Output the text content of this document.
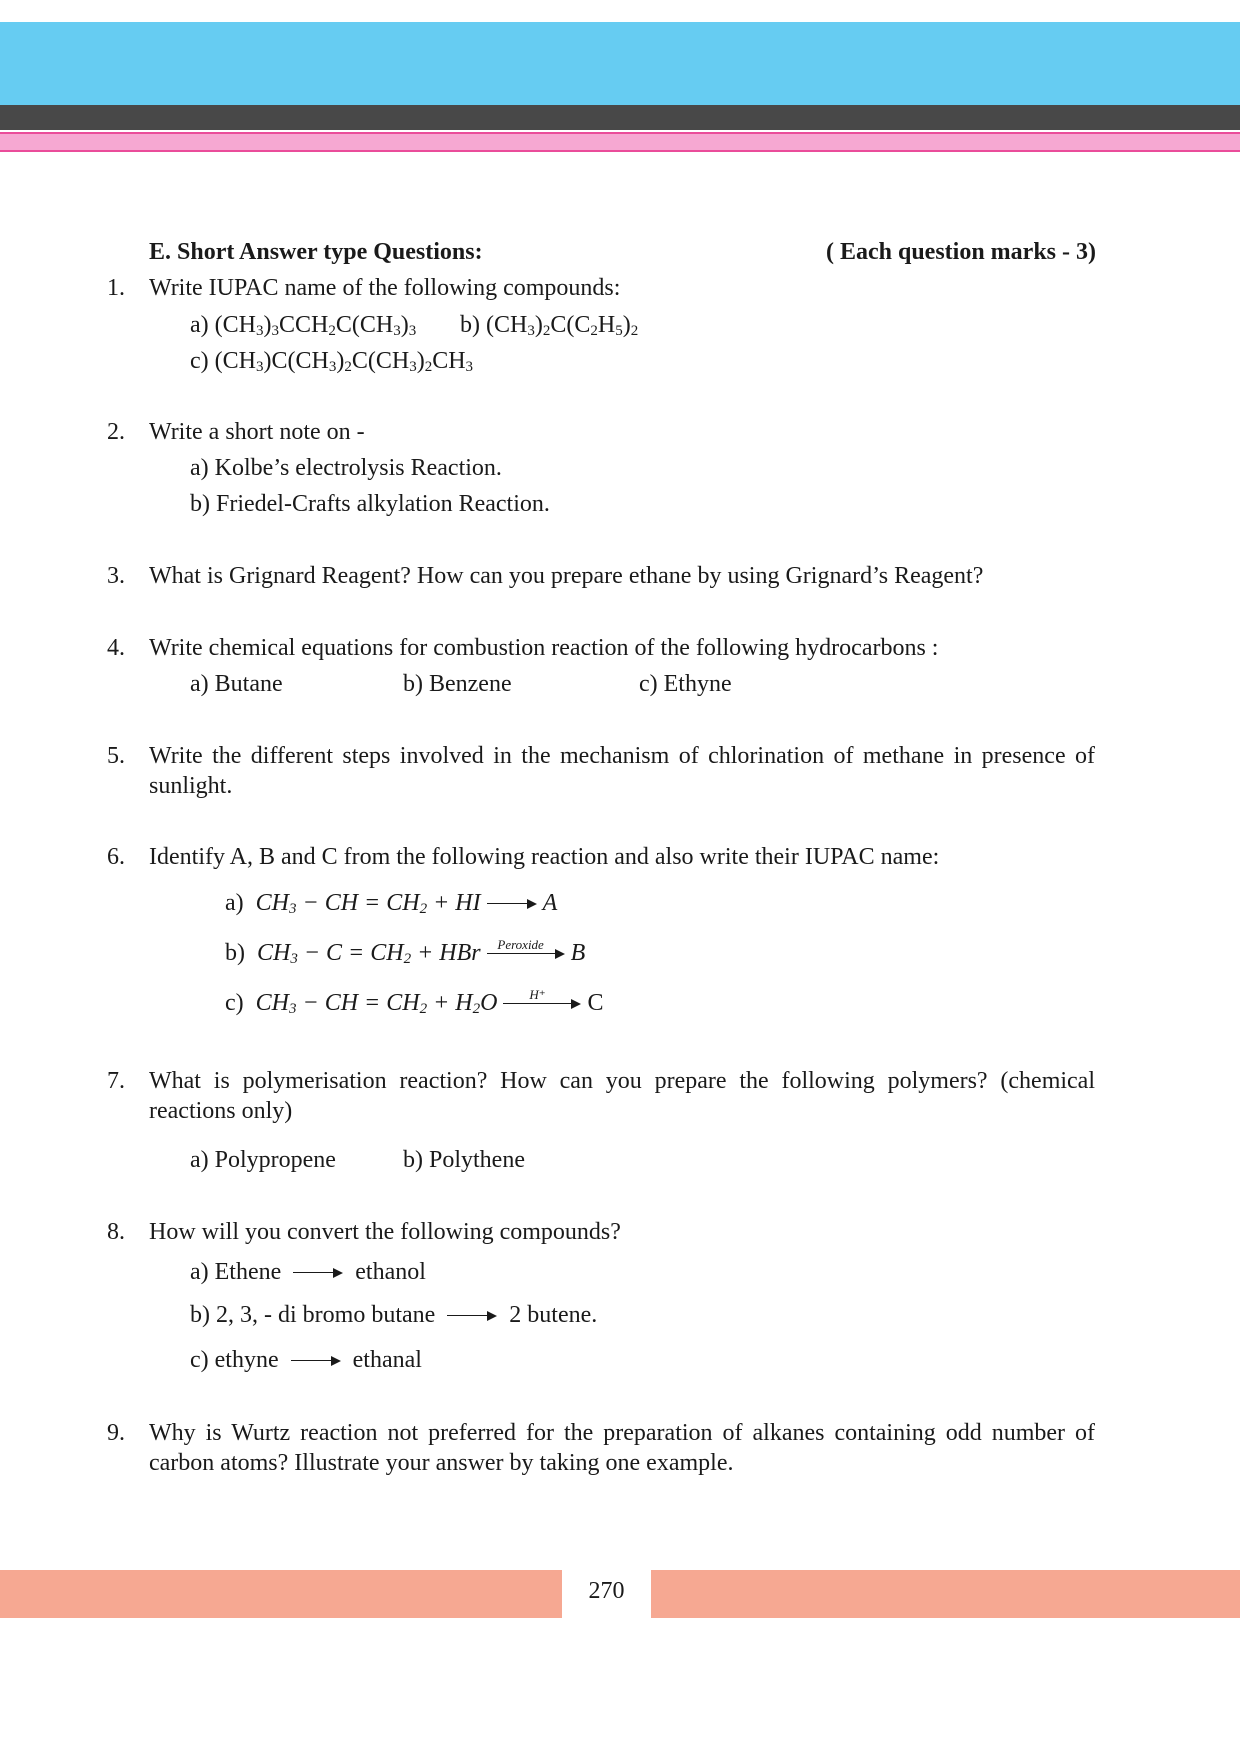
E. Short Answer type Questions:	( Each question marks - 3)
1.	Write IUPAC name of the following compounds:
a) $(CH_3)_3CCH_2C(CH_3)_3$ b) $(CH_3)_2C(C_2H_5)_2$
c) $(CH_3)C(CH_3)_2C(CH_3)_2CH_3$
2.	Write a short note on -
a) Kolbe’s electrolysis Reaction.
b) Friedel-Crafts alkylation Reaction.
3.	What is Grignard Reagent? How can you prepare ethane by using Grignard’s Reagent?
4.	Write chemical equations for combustion reaction of the following hydrocarbons :
a) Butane	b) Benzene	c) Ethyne
5.	Write the different steps involved in the mechanism of chlorination of methane in presence of sunlight.
6.	Identify A, B and C from the following reaction and also write their IUPAC name:
a) $CH_3$ − CH = $CH_2$ + HI	A
b) $CH_3 - C = CH_2$ + HBr	Peroxide	B
c) $CH_3$ − CH = $CH_2 + H_2O$	H⁺	C
7.	What is polymerisation reaction? How can you prepare the following polymers? (chemical reactions only)
a) Polypropene	b) Polythene
8.	How will you convert the following compounds?
a) Ethene	ethanol
b) 2, 3, - di bromo butane	2 butene.
c) ethyne	ethanal
9.	Why is Wurtz reaction not preferred for the preparation of alkanes containing odd number of carbon atoms? Illustrate your answer by taking one example.
270
